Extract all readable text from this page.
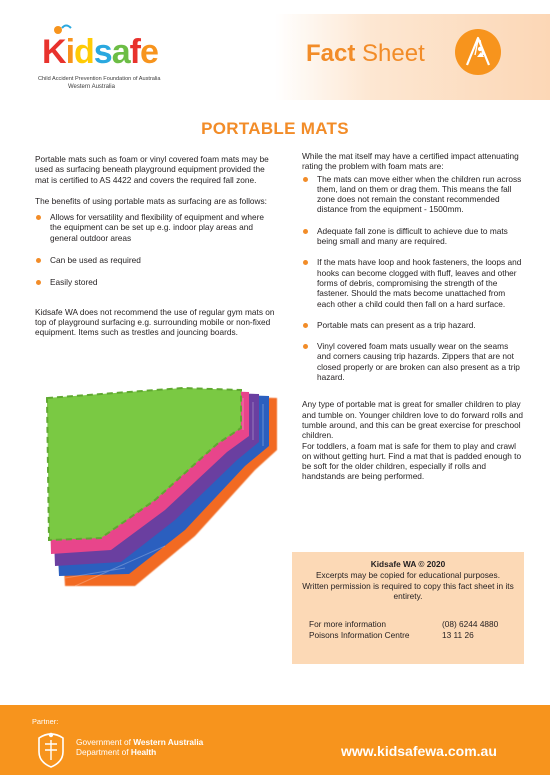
Kidsafe
Child Accident Prevention Foundation of Australia
Western Australia
Fact Sheet
PORTABLE MATS

Portable mats such as foam or vinyl covered foam mats may be used as surfacing beneath playground equipment provided the mat is certified to AS 4422 and covers the required fall zone.

The benefits of using portable mats as surfacing are as follows:

Allows for versatility and flexibility of equipment and where the equipment can be set up e.g. indoor play areas and general outdoor areas
Can be used as required
Easily stored

Kidsafe WA does not recommend the use of regular gym mats on top of playground surfacing e.g. surrounding mobile or non-fixed equipment. Items such as trestles and jouncing boards.

While the mat itself may have a certified impact attenuating rating the problem with foam mats are:

The mats can move either when the children run across them, land on them or drag them. This means the fall zone does not remain the constant recommended distance from the equipment - 1500mm.
Adequate fall zone is difficult to achieve due to mats being small and many are required.
If the mats have loop and hook fasteners, the loops and hooks can become clogged with fluff, leaves and other forms of debris, compromising the strength of the fastener. Should the mats become unattached from each other a child could then fall on a hard surface.
Portable mats can present as a trip hazard.
Vinyl covered foam mats usually wear on the seams and corners causing trip hazards. Zippers that are not closed properly or are broken can also present as a trip hazard.

Any type of portable mat is great for smaller children to play and tumble on. Younger children love to do forward rolls and tumble around, and this can be great exercise for preschool children.

For toddlers, a foam mat is safe for them to play and crawl on without getting hurt. Find a mat that is padded enough to be soft for the older children, especially if rolls and handstands are being performed.

Kidsafe WA © 2020
Excerpts may be copied for educational purposes. Written permission is required to copy this fact sheet in its entirety.
For more information	(08) 6244 4880
Poisons Information Centre	13 11 26
Partner:
Government of Western Australia
Department of Health	www.kidsafewa.com.au
